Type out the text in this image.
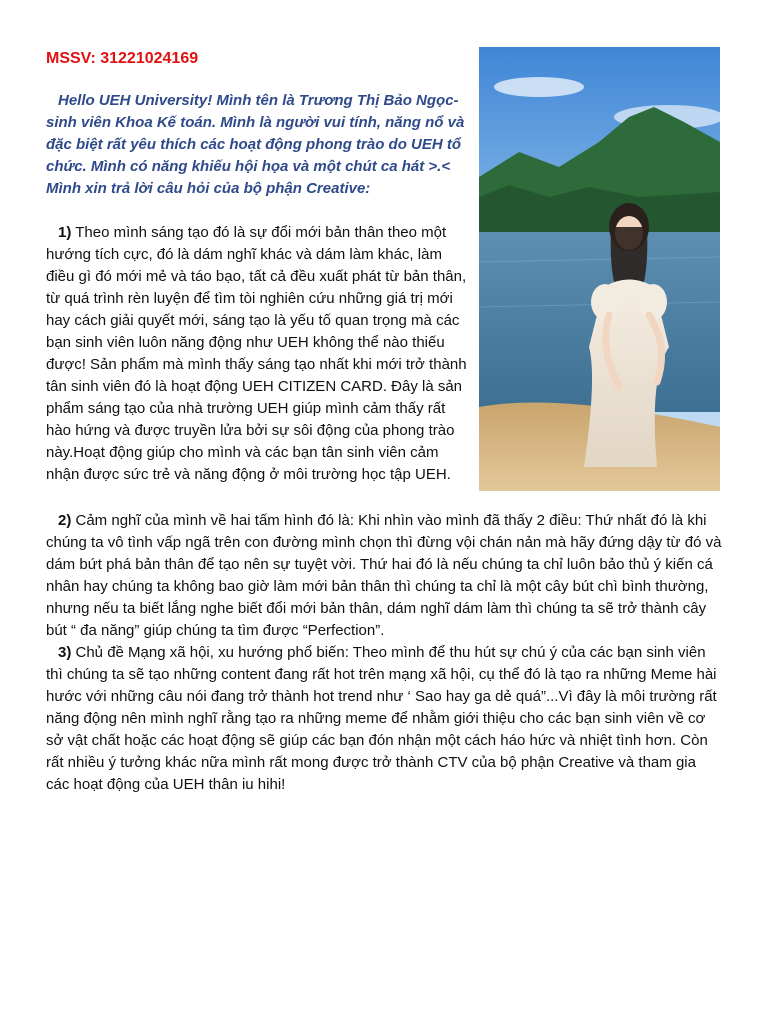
MSSV: 31221024169

Hello UEH University! Mình tên là Trương Thị Bảo Ngọc- sinh viên Khoa Kế toán. Mình là người vui tính, năng nổ và đặc biệt rất yêu thích các hoạt động phong trào do UEH tổ chức. Mình có năng khiếu hội họa và một chút ca hát >.< Mình xin trả lời câu hỏi của bộ phận Creative:

1) Theo mình sáng tạo đó là sự đổi mới bản thân theo một hướng tích cực, đó là dám nghĩ khác và dám làm khác, làm điều gì đó mới mẻ và táo bạo, tất cả đều xuất phát từ bản thân, từ quá trình rèn luyện để tìm tòi nghiên cứu những giá trị mới hay cách giải quyết mới, sáng tạo là yếu tố quan trọng mà các bạn sinh viên luôn năng động như UEH không thể nào thiếu được! Sản phẩm mà mình thấy sáng tạo nhất khi mới trở thành tân sinh viên đó là hoạt động UEH CITIZEN CARD. Đây là sản phẩm sáng tạo của nhà trường UEH giúp mình cảm thấy rất hào hứng và được truyền lửa bởi sự sôi động của phong trào này.Hoạt động giúp cho mình và các bạn tân sinh viên cảm nhận được sức trẻ và năng động ở môi trường học tập UEH.

2) Cảm nghĩ của mình về hai tấm hình đó là: Khi nhìn vào mình đã thấy 2 điều: Thứ nhất đó là khi chúng ta vô tình vấp ngã trên con đường mình chọn thì đừng vội chán nản mà hãy đứng dậy từ đó và dám bứt phá bản thân để tạo nên sự tuyệt vời. Thứ hai đó là nếu chúng ta chỉ luôn bảo thủ ý kiến cá nhân hay chúng ta không bao giờ làm mới bản thân thì chúng ta chỉ là một cây bút chì bình thường, nhưng nếu ta biết lắng nghe biết đổi mới bản thân, dám nghĩ dám làm thì chúng ta sẽ trở thành cây bút “ đa năng” giúp chúng ta tìm được “Perfection”.

3) Chủ đề Mạng xã hội, xu hướng phổ biến: Theo mình để thu hút sự chú ý của các bạn sinh viên thì chúng ta sẽ tạo những content đang rất hot trên mạng xã hội, cụ thể đó là tạo ra những Meme hài hước với những câu nói đang trở thành hot trend như ‘ Sao hay ga dẻ quá”...Vì đây là môi trường rất năng động nên mình nghĩ rằng tạo ra những meme để nhằm giới thiệu cho các bạn sinh viên về cơ sở vật chất hoặc các hoạt động sẽ giúp các bạn đón nhận một cách háo hức và nhiệt tình hơn. Còn rất nhiều ý tưởng khác nữa mình rất mong được trở thành CTV của bộ phận Creative và tham gia các hoạt động của UEH thân iu hihi!
